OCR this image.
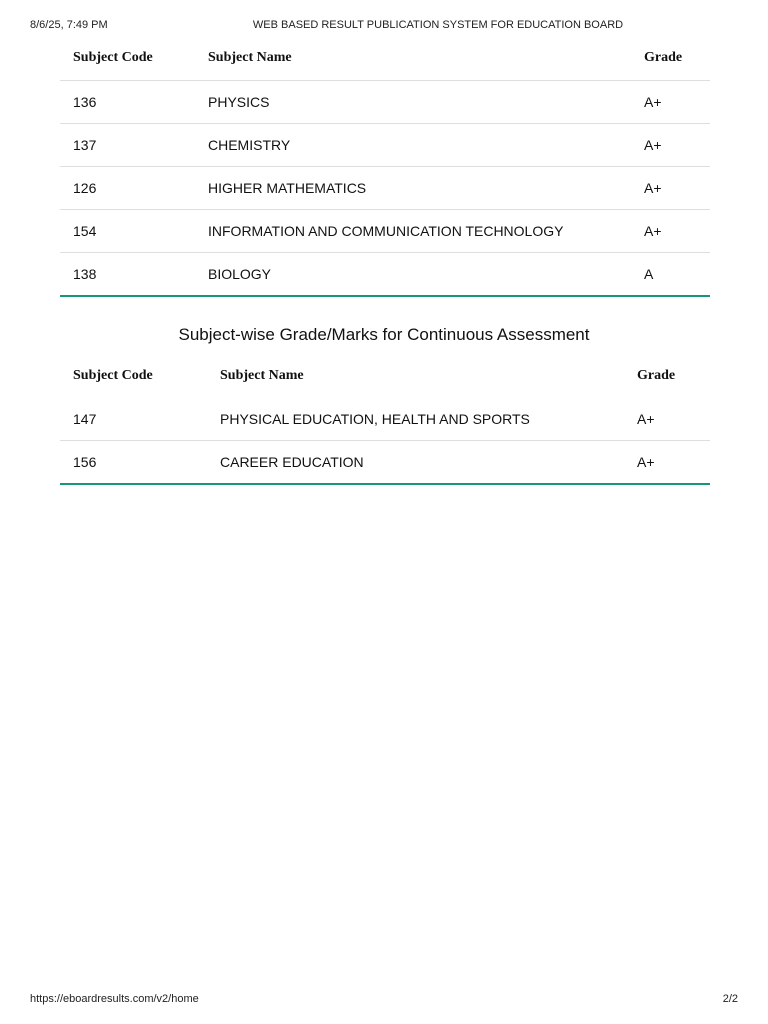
8/6/25, 7:49 PM	WEB BASED RESULT PUBLICATION SYSTEM FOR EDUCATION BOARD
Subject Code	Subject Name	Grade
136	PHYSICS	A+
137	CHEMISTRY	A+
126	HIGHER MATHEMATICS	A+
154	INFORMATION AND COMMUNICATION TECHNOLOGY	A+
138	BIOLOGY	A
Subject-wise Grade/Marks for Continuous Assessment
Subject Code	Subject Name	Grade
147	PHYSICAL EDUCATION, HEALTH AND SPORTS	A+
156	CAREER EDUCATION	A+
https://eboardresults.com/v2/home	2/2
